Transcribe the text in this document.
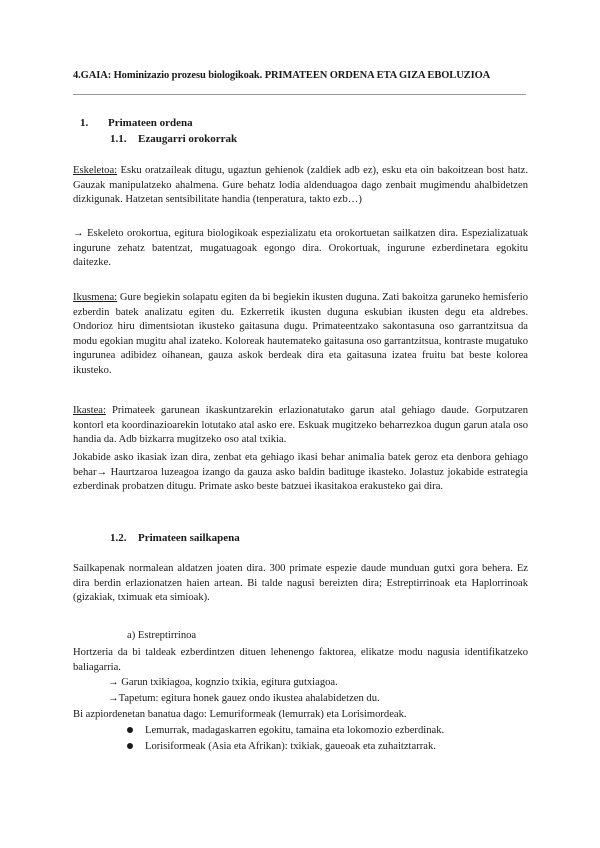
4.GAIA: Hominizazio prozesu biologikoak. PRIMATEEN ORDENA ETA GIZA EBOLUZIOA
1. Primateen ordena
1.1. Ezaugarri orokorrak
Eskeletoa: Esku oratzaileak ditugu, ugaztun gehienok (zaldiek adb ez), esku eta oin bakoitzean bost hatz. Gauzak manipulatzeko ahalmena. Gure behatz lodia aldenduagoa dago zenbait mugimendu ahalbidetzen dizkigunak. Hatzetan sentsibilitate handia (tenperatura, takto ezb…)
→ Eskeleto orokortua, egitura biologikoak espezializatu eta orokortuetan sailkatzen dira. Espezializatuak ingurune zehatz batentzat, mugatuagoak egongo dira. Orokortuak, ingurune ezberdinetara egokitu daitezke.
Ikusmena: Gure begiekin solapatu egiten da bi begiekin ikusten duguna. Zati bakoitza garuneko hemisferio ezberdin batek analizatu egiten du. Ezkerretik ikusten duguna eskubian ikusten degu eta aldrebes. Ondorioz hiru dimentsiotan ikusteko gaitasuna dugu. Primateentzako sakontasuna oso garrantzitsua da modu egokian mugitu ahal izateko. Koloreak hautemateko gaitasuna oso garrantzitsua, kontraste mugatuko ingurunea adibidez oihanean, gauza askok berdeak dira eta gaitasuna izatea fruitu bat beste kolorea ikusteko.
Ikastea: Primateek garunean ikaskuntzarekin erlazionatutako garun atal gehiago daude. Gorputzaren kontorl eta koordinazioarekin lotutako atal asko ere. Eskuak mugitzeko beharrezkoa dugun garun atala oso handia da. Adb bizkarra mugitzeko oso atal txikia.
Jokabide asko ikasiak izan dira, zenbat eta gehiago ikasi behar animalia batek geroz eta denbora gehiago behar→ Haurtzaroa luzeagoa izango da gauza asko baldin badituge ikasteko. Jolastuz jokabide estrategia ezberdinak probatzen ditugu. Primate asko beste batzuei ikasitakoa erakusteko gai dira.
1.2. Primateen sailkapena
Sailkapenak normalean aldatzen joaten dira. 300 primate espezie daude munduan gutxi gora behera. Ez dira berdin erlazionatzen haien artean. Bi talde nagusi bereizten dira; Estreptirrinoak eta Haplorrinoak (gizakiak, tximuak eta simioak).
a) Estreptirrinoa
Hortzeria da bi taldeak ezberdintzen dituen lehenengo faktorea, elikatze modu nagusia identifikatzeko baliagarria.
→ Garun txikiagoa, kognzio txikia, egitura gutxiagoa.
→Tapetum: egitura honek gauez ondo ikustea ahalabidetzen du.
Bi azpiordenetan banatua dago: Lemuriformeak (lemurrak) eta Lorisimordeak.
Lemurrak, madagaskarren egokitu, tamaina eta lokomozio ezberdinak.
Lorisiformeak (Asia eta Afrikan): txikiak, gaueoak eta zuhaitztarrak.
